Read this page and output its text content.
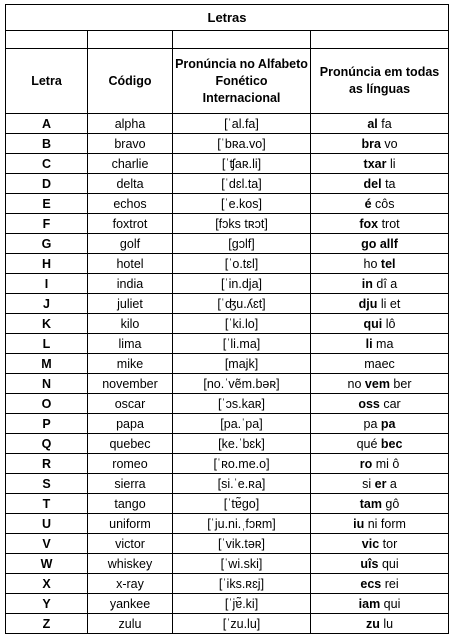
Letras			

Letra	Código	Pronúncia no Alfabeto Fonético Internacional	Pronúncia em todas as línguas
A	alpha	[ˈal.fa]	al fa
B	bravo	[ˈbʀa.vo]	bra vo
C	charlie	[ˈʧaʀ.li]	txar li
D	delta	[ˈdɛl.ta]	del ta
E	echos	[ˈe.kos]	é côs
F	foxtrot	[fɔks tʀɔt]	fox trot
G	golf	[gɔlf]	go allf
H	hotel	[ˈo.tɛl]	ho tel
I	india	[ˈin.dja]	in dî a
J	juliet	[ˈʤu.ʎɛt]	dju li et
K	kilo	[ˈki.lo]	qui lô
L	lima	[ˈli.ma]	li ma
M	mike	[majk]	maec
N	november	[no.ˈvẽm.bəʀ]	no vem ber
O	oscar	[ˈɔs.kaʀ]	oss car
P	papa	[pa.ˈpa]	pa pa
Q	quebec	[ke.ˈbɛk]	qué bec
R	romeo	[ˈʀo.me.o]	ro mi ô
S	sierra	[si.ˈe.ʀa]	si er a
T	tango	[ˈtɐ̃go]	tam gô
U	uniform	[ˈju.ni.ˌfɔʀm]	iu ni form
V	victor	[ˈvik.təʀ]	vic tor
W	whiskey	[ˈwi.ski]	uîs qui
X	x-ray	[ˈiks.ʀɛj]	ecs rei
Y	yankee	[ˈjɐ̃.ki]	iam qui
Z	zulu	[ˈzu.lu]	zu lu
